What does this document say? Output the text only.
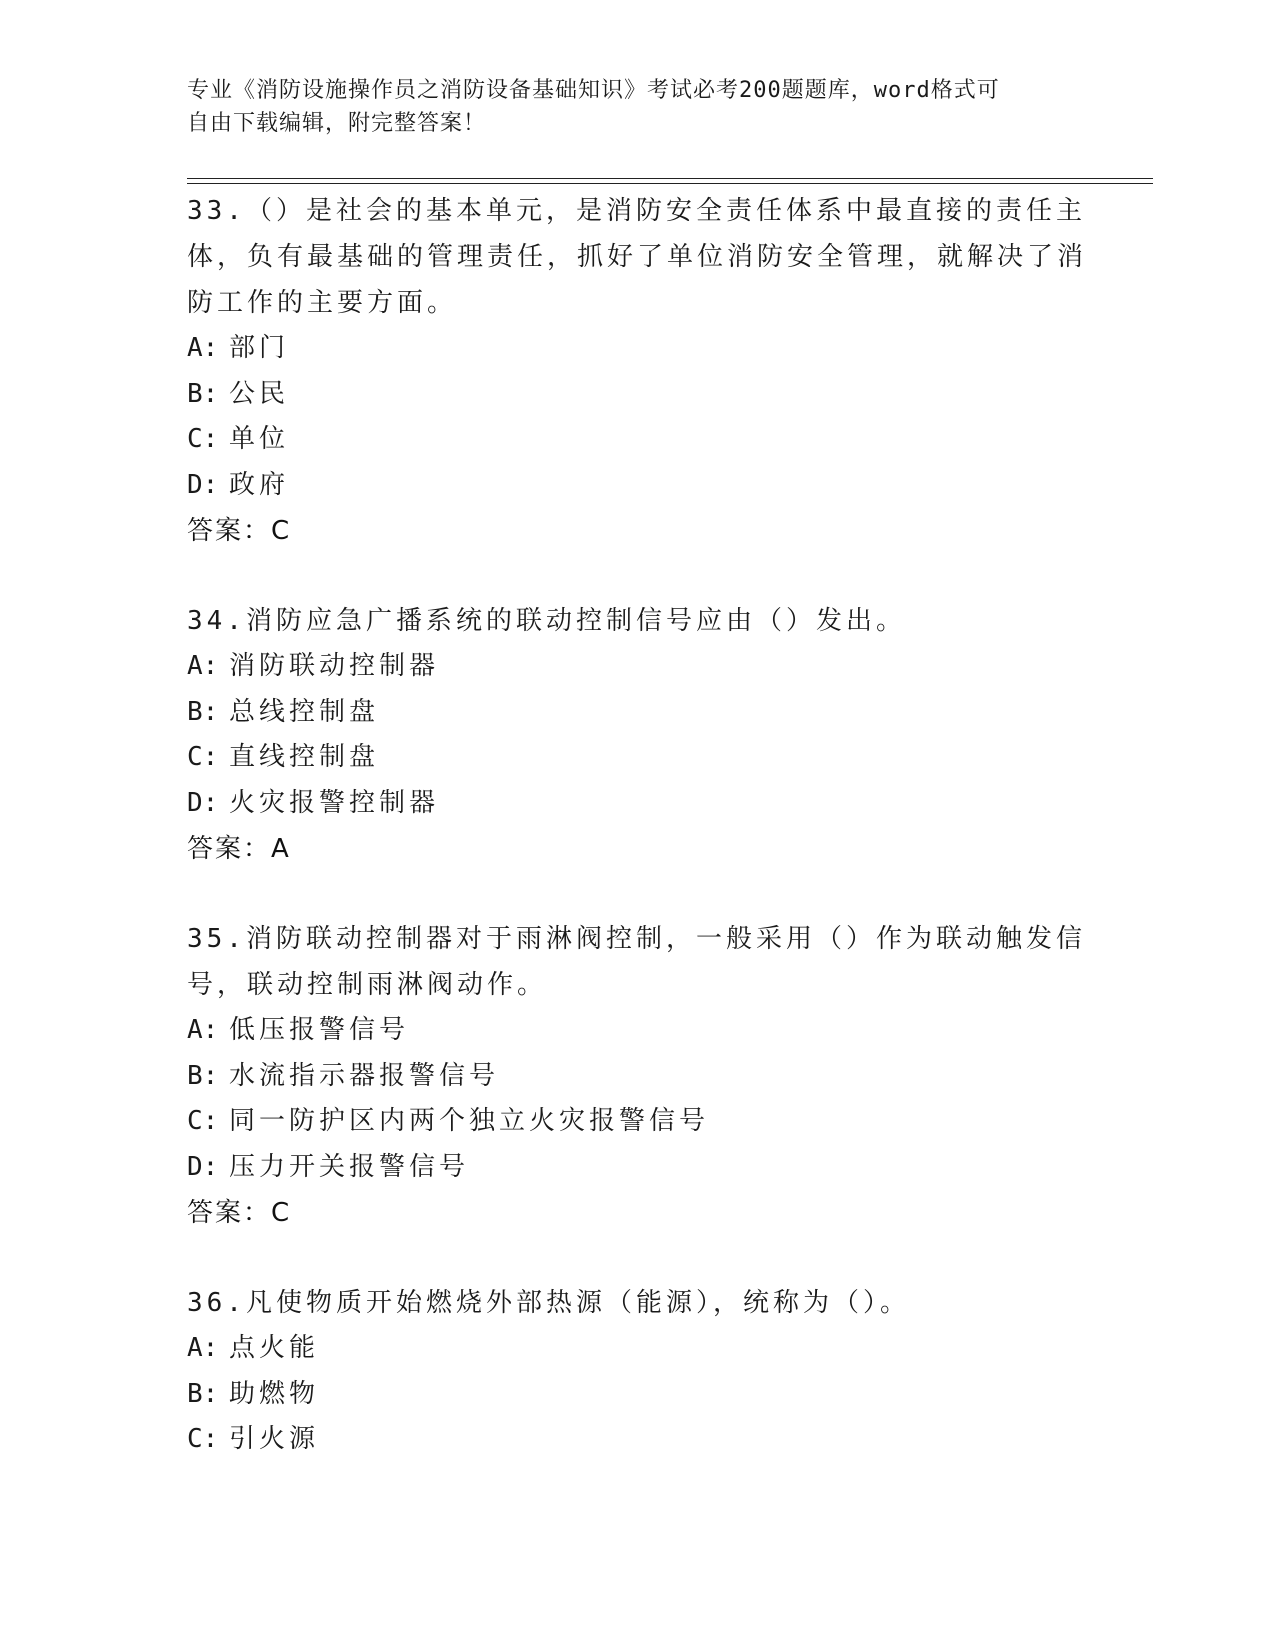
专业《消防设施操作员之消防设备基础知识》考试必考200题题库，word格式可
自由下载编辑，附完整答案！

33.（）是社会的基本单元，是消防安全责任体系中最直接的责任主体，负有最基础的管理责任，抓好了单位消防安全管理，就解决了消防工作的主要方面。

A: 部门

B: 公民

C: 单位

D: 政府

答案：C

34.消防应急广播系统的联动控制信号应由（）发出。

A: 消防联动控制器

B: 总线控制盘

C: 直线控制盘

D: 火灾报警控制器

答案：A

35.消防联动控制器对于雨淋阀控制，一般采用（）作为联动触发信号，联动控制雨淋阀动作。

A: 低压报警信号

B: 水流指示器报警信号

C: 同一防护区内两个独立火灾报警信号

D: 压力开关报警信号

答案：C

36.凡使物质开始燃烧外部热源（能源），统称为（）。

A: 点火能

B: 助燃物

C: 引火源
